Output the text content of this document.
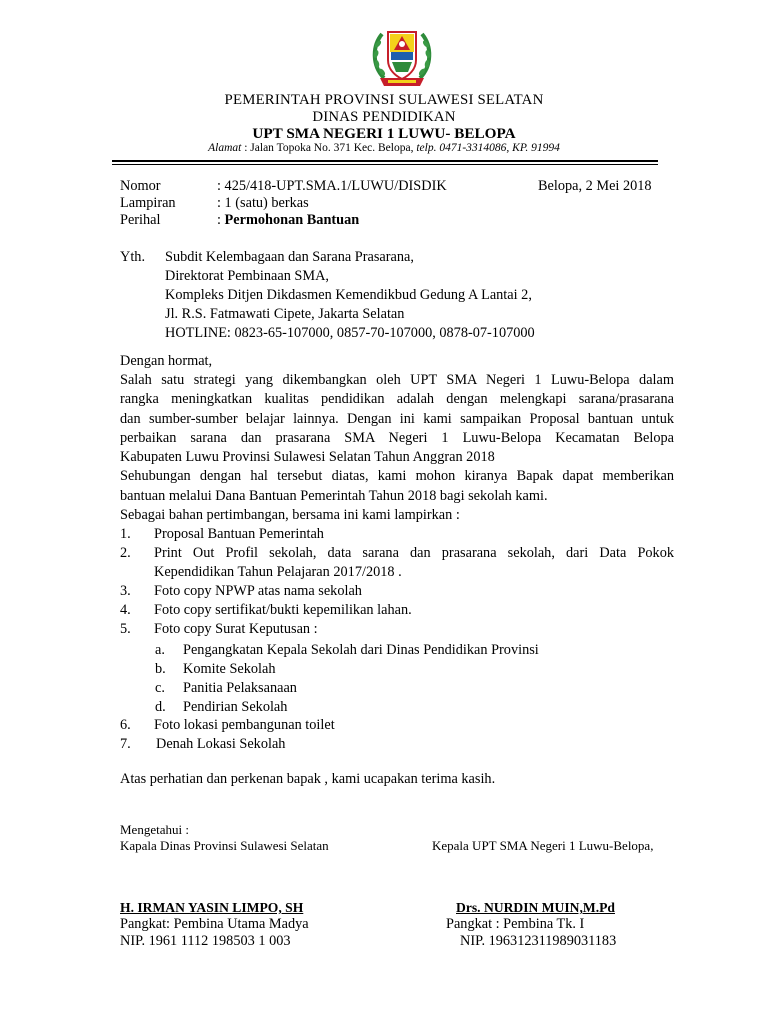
PEMERINTAH PROVINSI SULAWESI SELATAN
DINAS PENDIDIKAN
UPT SMA NEGERI 1 LUWU- BELOPA
Alamat : Jalan Topoka No. 371 Kec. Belopa, telp. 0471-3314086, KP. 91994
Nomor	: 425/418-UPT.SMA.1/LUWU/DISDIK	Belopa, 2 Mei 2018
Lampiran	: 1 (satu) berkas
Perihal	: Permohonan Bantuan
Yth. Subdit Kelembagaan dan Sarana Prasarana,
Direktorat Pembinaan SMA,
Kompleks Ditjen Dikdasmen Kemendikbud Gedung A Lantai 2,
Jl. R.S. Fatmawati Cipete, Jakarta Selatan
HOTLINE: 0823-65-107000, 0857-70-107000, 0878-07-107000
Dengan hormat,
Salah satu strategi yang dikembangkan oleh UPT SMA Negeri 1 Luwu-Belopa dalam
rangka meningkatkan kualitas pendidikan adalah dengan melengkapi sarana/prasarana
dan sumber-sumber belajar lainnya. Dengan ini kami sampaikan Proposal bantuan untuk
perbaikan sarana dan prasarana SMA Negeri 1 Luwu-Belopa Kecamatan Belopa
Kabupaten Luwu Provinsi Sulawesi Selatan Tahun Anggran 2018
Sehubungan dengan hal tersebut diatas, kami mohon kiranya Bapak dapat memberikan
bantuan melalui Dana Bantuan Pemerintah Tahun 2018 bagi sekolah kami.
Sebagai bahan pertimbangan, bersama ini kami lampirkan :
1. Proposal Bantuan Pemerintah
2. Print Out Profil sekolah, data sarana dan prasarana sekolah, dari Data Pokok
Kependidikan Tahun Pelajaran 2017/2018 .
3. Foto copy NPWP atas nama sekolah
4. Foto copy sertifikat/bukti kepemilikan lahan.
5. Foto copy Surat Keputusan :
a. Pengangkatan Kepala Sekolah dari Dinas Pendidikan Provinsi
b. Komite Sekolah
c. Panitia Pelaksanaan
d. Pendirian Sekolah
6. Foto lokasi pembangunan toilet
7. Denah Lokasi Sekolah
Atas perhatian dan perkenan bapak , kami ucapakan terima kasih.
Mengetahui :
Kapala Dinas Provinsi Sulawesi Selatan	Kepala UPT SMA Negeri 1 Luwu-Belopa,
H. IRMAN YASIN LIMPO, SH
Pangkat: Pembina Utama Madya
NIP. 1961 1112 198503 1 003
Drs. NURDIN MUIN,M.Pd
Pangkat : Pembina Tk. I
NIP. 196312311989031183
